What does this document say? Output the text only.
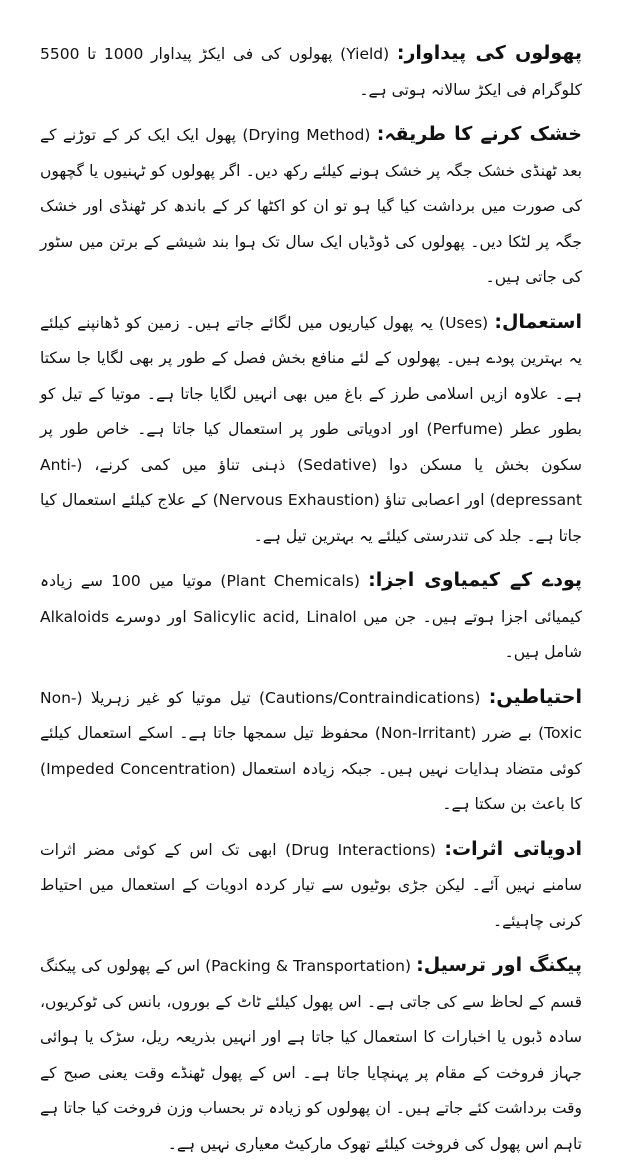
پھولوں کی پیداوار: (Yield) پھولوں کی فی ایکڑ پیداوار 1000 تا 5500 کلوگرام فی ایکڑ سالانہ ہوتی ہے۔

خشک کرنے کا طریقہ: (Drying Method) پھول ایک ایک کر کے توڑنے کے بعد ٹھنڈی خشک جگہ پر خشک ہونے کیلئے رکھ دیں۔ اگر پھولوں کو ٹہنیوں یا گچھوں کی صورت میں برداشت کیا گیا ہو تو ان کو اکٹھا کر کے باندھ کر ٹھنڈی اور خشک جگہ پر لٹکا دیں۔ پھولوں کی ڈوڈیاں ایک سال تک ہوا بند شیشے کے برتن میں سٹور کی جاتی ہیں۔

استعمال: (Uses) یہ پھول کیاریوں میں لگائے جاتے ہیں۔ زمین کو ڈھانپنے کیلئے یہ بہترین پودے ہیں۔ پھولوں کے لئے منافع بخش فصل کے طور پر بھی لگایا جا سکتا ہے۔ علاوہ ازیں اسلامی طرز کے باغ میں بھی انہیں لگایا جاتا ہے۔ موتیا کے تیل کو بطور عطر (Perfume) اور ادویاتی طور پر استعمال کیا جاتا ہے۔ خاص طور پر سکون بخش یا مسکن دوا (Sedative) ذہنی تناؤ میں کمی کرنے، (Anti-depressant) اور اعصابی تناؤ (Nervous Exhaustion) کے علاج کیلئے استعمال کیا جاتا ہے۔ جلد کی تندرستی کیلئے یہ بہترین تیل ہے۔

پودے کے کیمیاوی اجزا: (Plant Chemicals) موتیا میں 100 سے زیادہ کیمیائی اجزا ہوتے ہیں۔ جن میں Salicylic acid, Linalol اور دوسرے Alkaloids شامل ہیں۔

احتیاطیں: (Cautions/Contraindications) تیل موتیا کو غیر زہریلا (Non-Toxic) بے ضرر (Non-Irritant) محفوظ تیل سمجھا جاتا ہے۔ اسکے استعمال کیلئے کوئی متضاد ہدایات نہیں ہیں۔ جبکہ زیادہ استعمال (Impeded Concentration) کا باعث بن سکتا ہے۔

ادویاتی اثرات: (Drug Interactions) ابھی تک اس کے کوئی مضر اثرات سامنے نہیں آئے۔ لیکن جڑی بوٹیوں سے تیار کردہ ادویات کے استعمال میں احتیاط کرنی چاہیئے۔

پیکنگ اور ترسیل: (Packing & Transportation) اس کے پھولوں کی پیکنگ قسم کے لحاظ سے کی جاتی ہے۔ اس پھول کیلئے ٹاٹ کے بوروں، بانس کی ٹوکریوں، سادہ ڈبوں یا اخبارات کا استعمال کیا جاتا ہے اور انہیں بذریعہ ریل، سڑک یا ہوائی جہاز فروخت کے مقام پر پہنچایا جاتا ہے۔ اس کے پھول ٹھنڈے وقت یعنی صبح کے وقت برداشت کئے جاتے ہیں۔ ان پھولوں کو زیادہ تر بحساب وزن فروخت کیا جاتا ہے تاہم اس پھول کی فروخت کیلئے تھوک مارکیٹ معیاری نہیں ہے۔
